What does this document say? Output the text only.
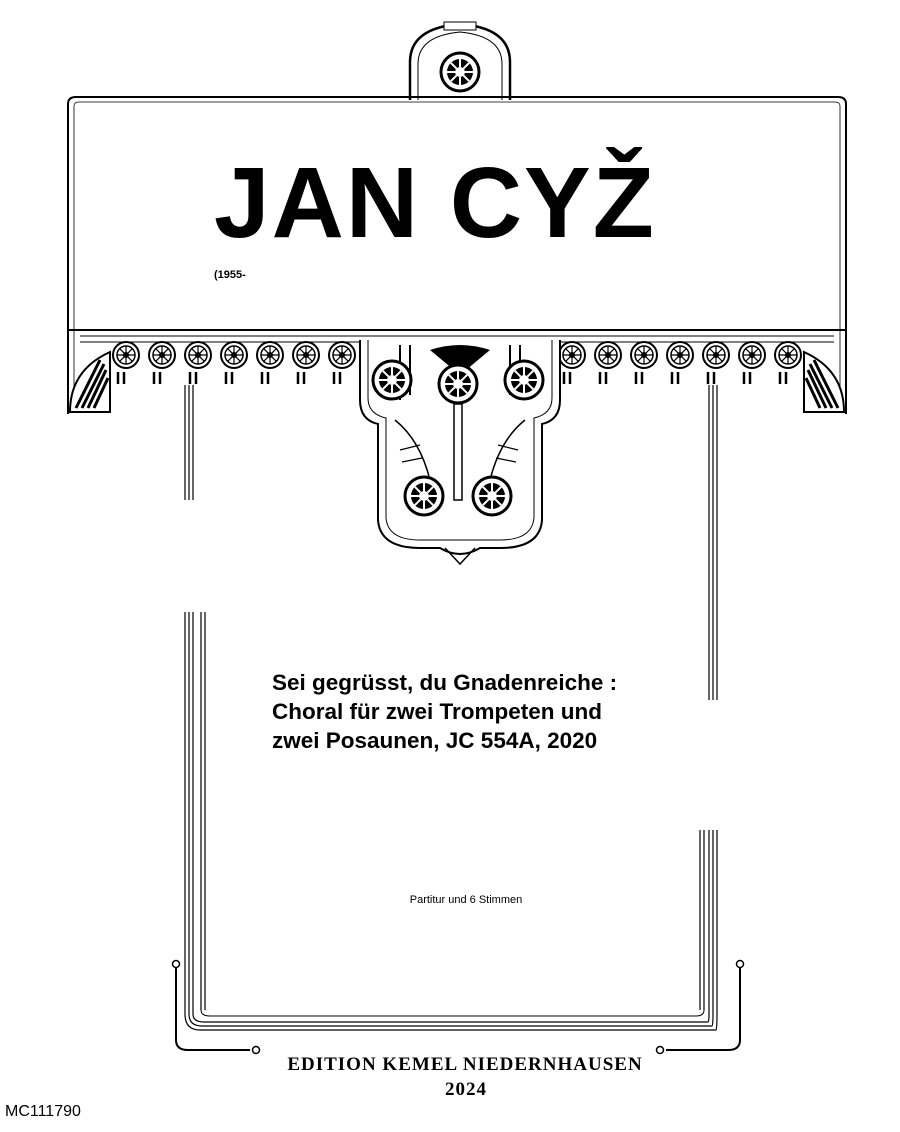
JAN CYŽ
(1955-
Sei gegrüsst, du Gnadenreiche :
Choral für zwei Trompeten und
zwei Posaunen, JC 554A, 2020
Partitur und 6 Stimmen
EDITION KEMEL NIEDERNHAUSEN
2024
MC111790
